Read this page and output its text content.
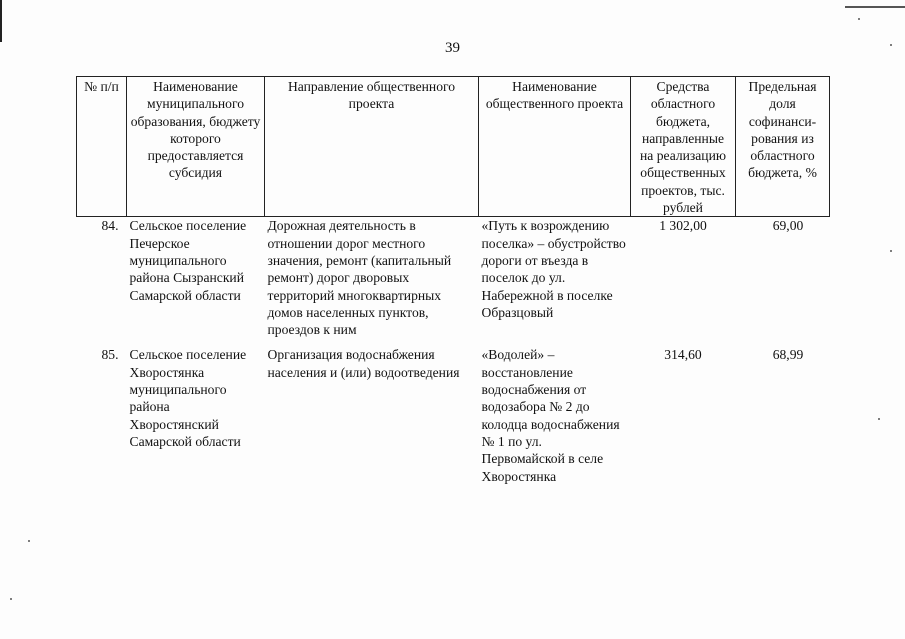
39
№ п/п	Наименование муниципального образования, бюджету которого предоставляется субсидия	Направление общественного проекта	Наименование общественного проекта	Средства областного бюджета, направленные на реализацию общественных проектов, тыс. рублей	Предельная доля софинанси-рования из областного бюджета, %
84.	Сельское поселение Печерское муниципального района Сызранский Самарской области	Дорожная деятельность в отношении дорог местного значения, ремонт (капитальный ремонт) дорог дворовых территорий многоквартирных домов населенных пунктов, проездов к ним	«Путь к возрождению поселка» – обустройство дороги от въезда в поселок до ул. Набережной в поселке Образцовый	1 302,00	69,00
85.	Сельское поселение Хворостянка муниципального района Хворостянский Самарской области	Организация водоснабжения населения и (или) водоотведения	«Водолей» – восстановление водоснабжения от водозабора № 2 до колодца водоснабжения № 1 по ул. Первомайской в селе Хворостянка	314,60	68,99
